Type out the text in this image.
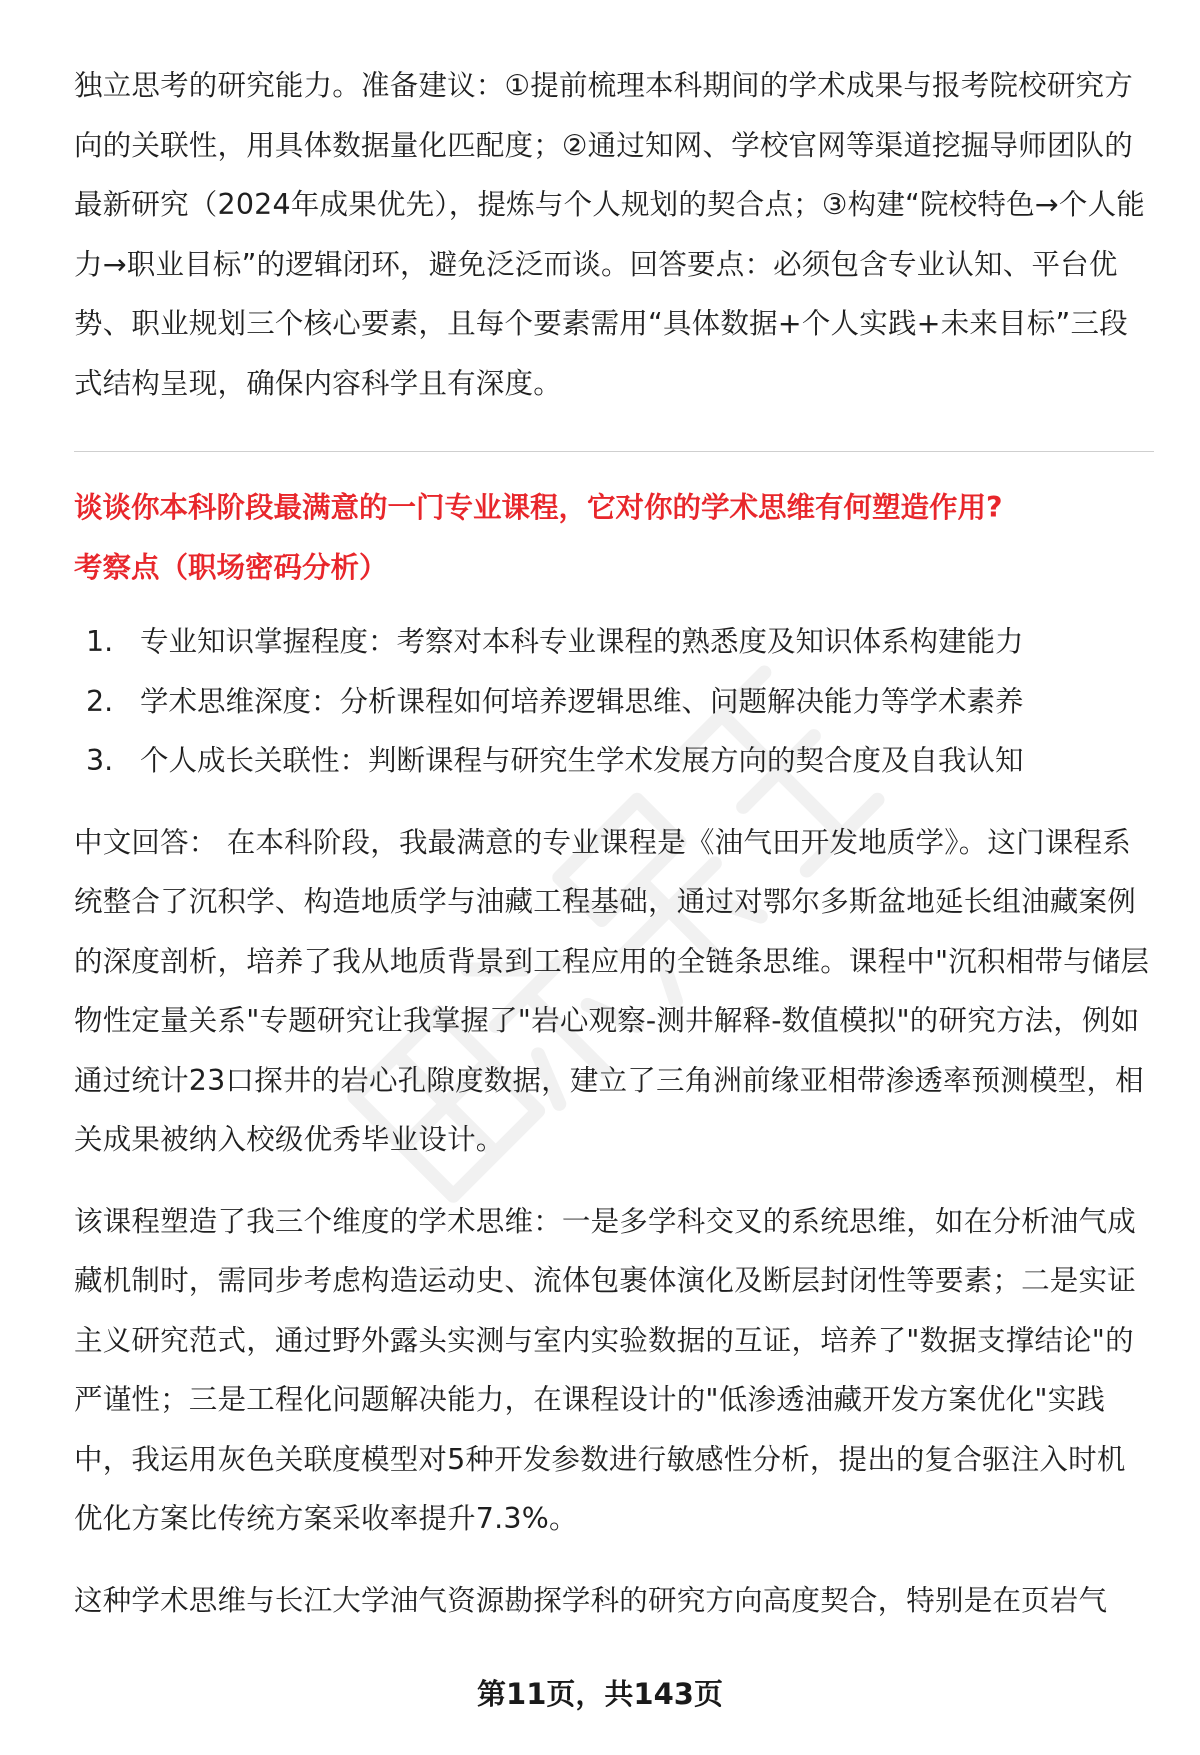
独立思考的研究能力。准备建议：①提前梳理本科期间的学术成果与报考院校研究方向的关联性，用具体数据量化匹配度；②通过知网、学校官网等渠道挖掘导师团队的最新研究（2024年成果优先），提炼与个人规划的契合点；③构建“院校特色→个人能力→职业目标”的逻辑闭环，避免泛泛而谈。回答要点：必须包含专业认知、平台优势、职业规划三个核心要素，且每个要素需用“具体数据+个人实践+未来目标”三段式结构呈现，确保内容科学且有深度。

谈谈你本科阶段最满意的一门专业课程，它对你的学术思维有何塑造作用?

考察点（职场密码分析）

1. 专业知识掌握程度：考察对本科专业课程的熟悉度及知识体系构建能力
2. 学术思维深度：分析课程如何培养逻辑思维、问题解决能力等学术素养
3. 个人成长关联性：判断课程与研究生学术发展方向的契合度及自我认知

中文回答： 在本科阶段，我最满意的专业课程是《油气田开发地质学》。这门课程系统整合了沉积学、构造地质学与油藏工程基础，通过对鄂尔多斯盆地延长组油藏案例的深度剖析，培养了我从地质背景到工程应用的全链条思维。课程中"沉积相带与储层物性定量关系"专题研究让我掌握了"岩心观察-测井解释-数值模拟"的研究方法，例如通过统计23口探井的岩心孔隙度数据，建立了三角洲前缘亚相带渗透率预测模型，相关成果被纳入校级优秀毕业设计。

该课程塑造了我三个维度的学术思维：一是多学科交叉的系统思维，如在分析油气成藏机制时，需同步考虑构造运动史、流体包裹体演化及断层封闭性等要素；二是实证主义研究范式，通过野外露头实测与室内实验数据的互证，培养了"数据支撑结论"的严谨性；三是工程化问题解决能力，在课程设计的"低渗透油藏开发方案优化"实践中，我运用灰色关联度模型对5种开发参数进行敏感性分析，提出的复合驱注入时机优化方案比传统方案采收率提升7.3%。

这种学术思维与长江大学油气资源勘探学科的研究方向高度契合，特别是在页岩气

第11页，共143页
